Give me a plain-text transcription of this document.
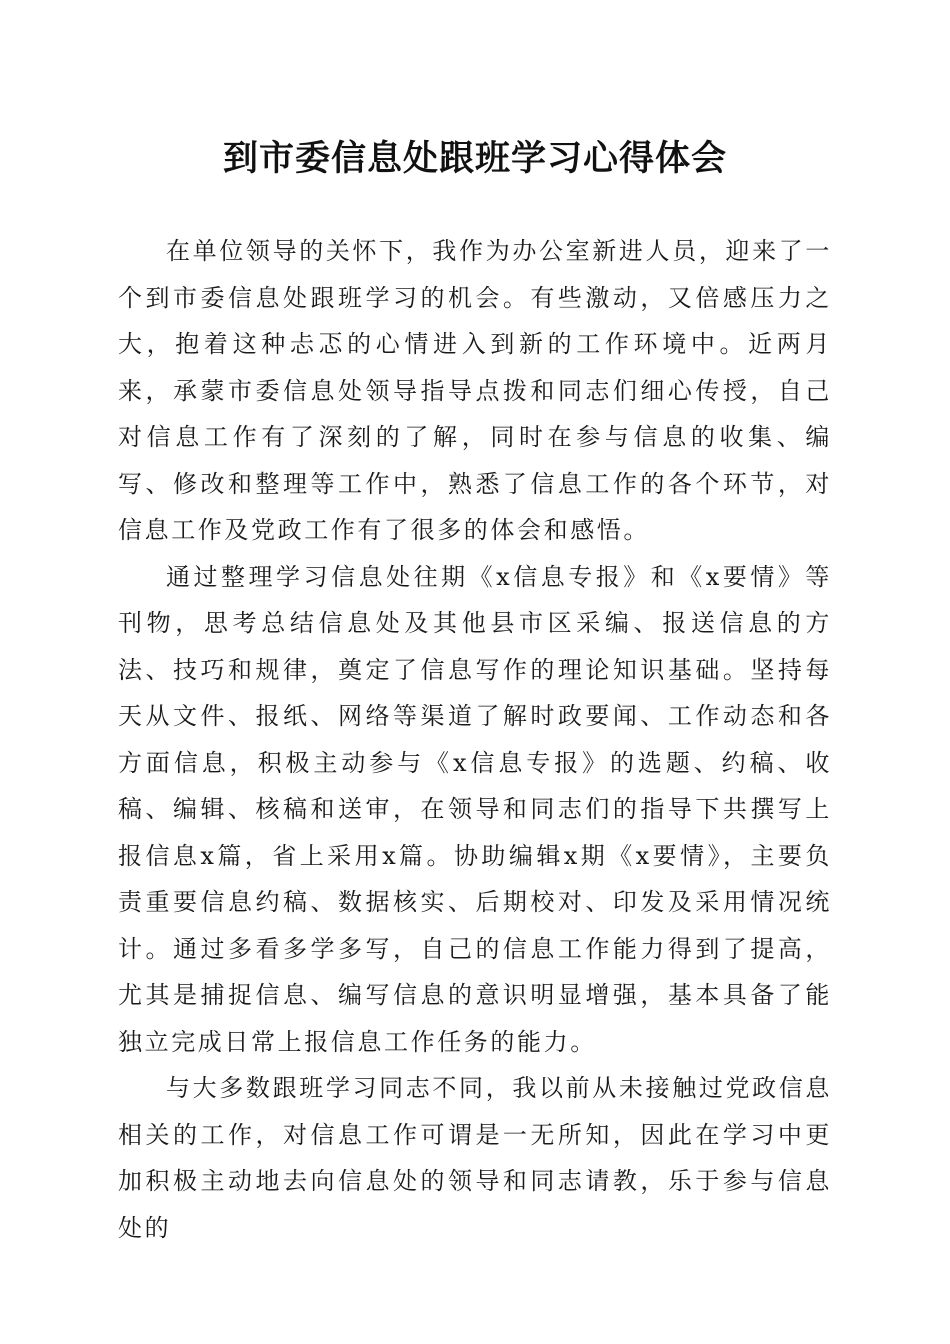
到市委信息处跟班学习心得体会

在单位领导的关怀下，我作为办公室新进人员，迎来了一个到市委信息处跟班学习的机会。有些激动，又倍感压力之大，抱着这种忐忑的心情进入到新的工作环境中。近两月来，承蒙市委信息处领导指导点拨和同志们细心传授，自己对信息工作有了深刻的了解，同时在参与信息的收集、编写、修改和整理等工作中，熟悉了信息工作的各个环节，对信息工作及党政工作有了很多的体会和感悟。

通过整理学习信息处往期《x信息专报》和《x要情》等刊物，思考总结信息处及其他县市区采编、报送信息的方法、技巧和规律，奠定了信息写作的理论知识基础。坚持每天从文件、报纸、网络等渠道了解时政要闻、工作动态和各方面信息，积极主动参与《x信息专报》的选题、约稿、收稿、编辑、核稿和送审，在领导和同志们的指导下共撰写上报信息x篇，省上采用x篇。协助编辑x期《x要情》，主要负责重要信息约稿、数据核实、后期校对、印发及采用情况统计。通过多看多学多写，自己的信息工作能力得到了提高，尤其是捕捉信息、编写信息的意识明显增强，基本具备了能独立完成日常上报信息工作任务的能力。

与大多数跟班学习同志不同，我以前从未接触过党政信息相关的工作，对信息工作可谓是一无所知，因此在学习中更加积极主动地去向信息处的领导和同志请教，乐于参与信息处的
